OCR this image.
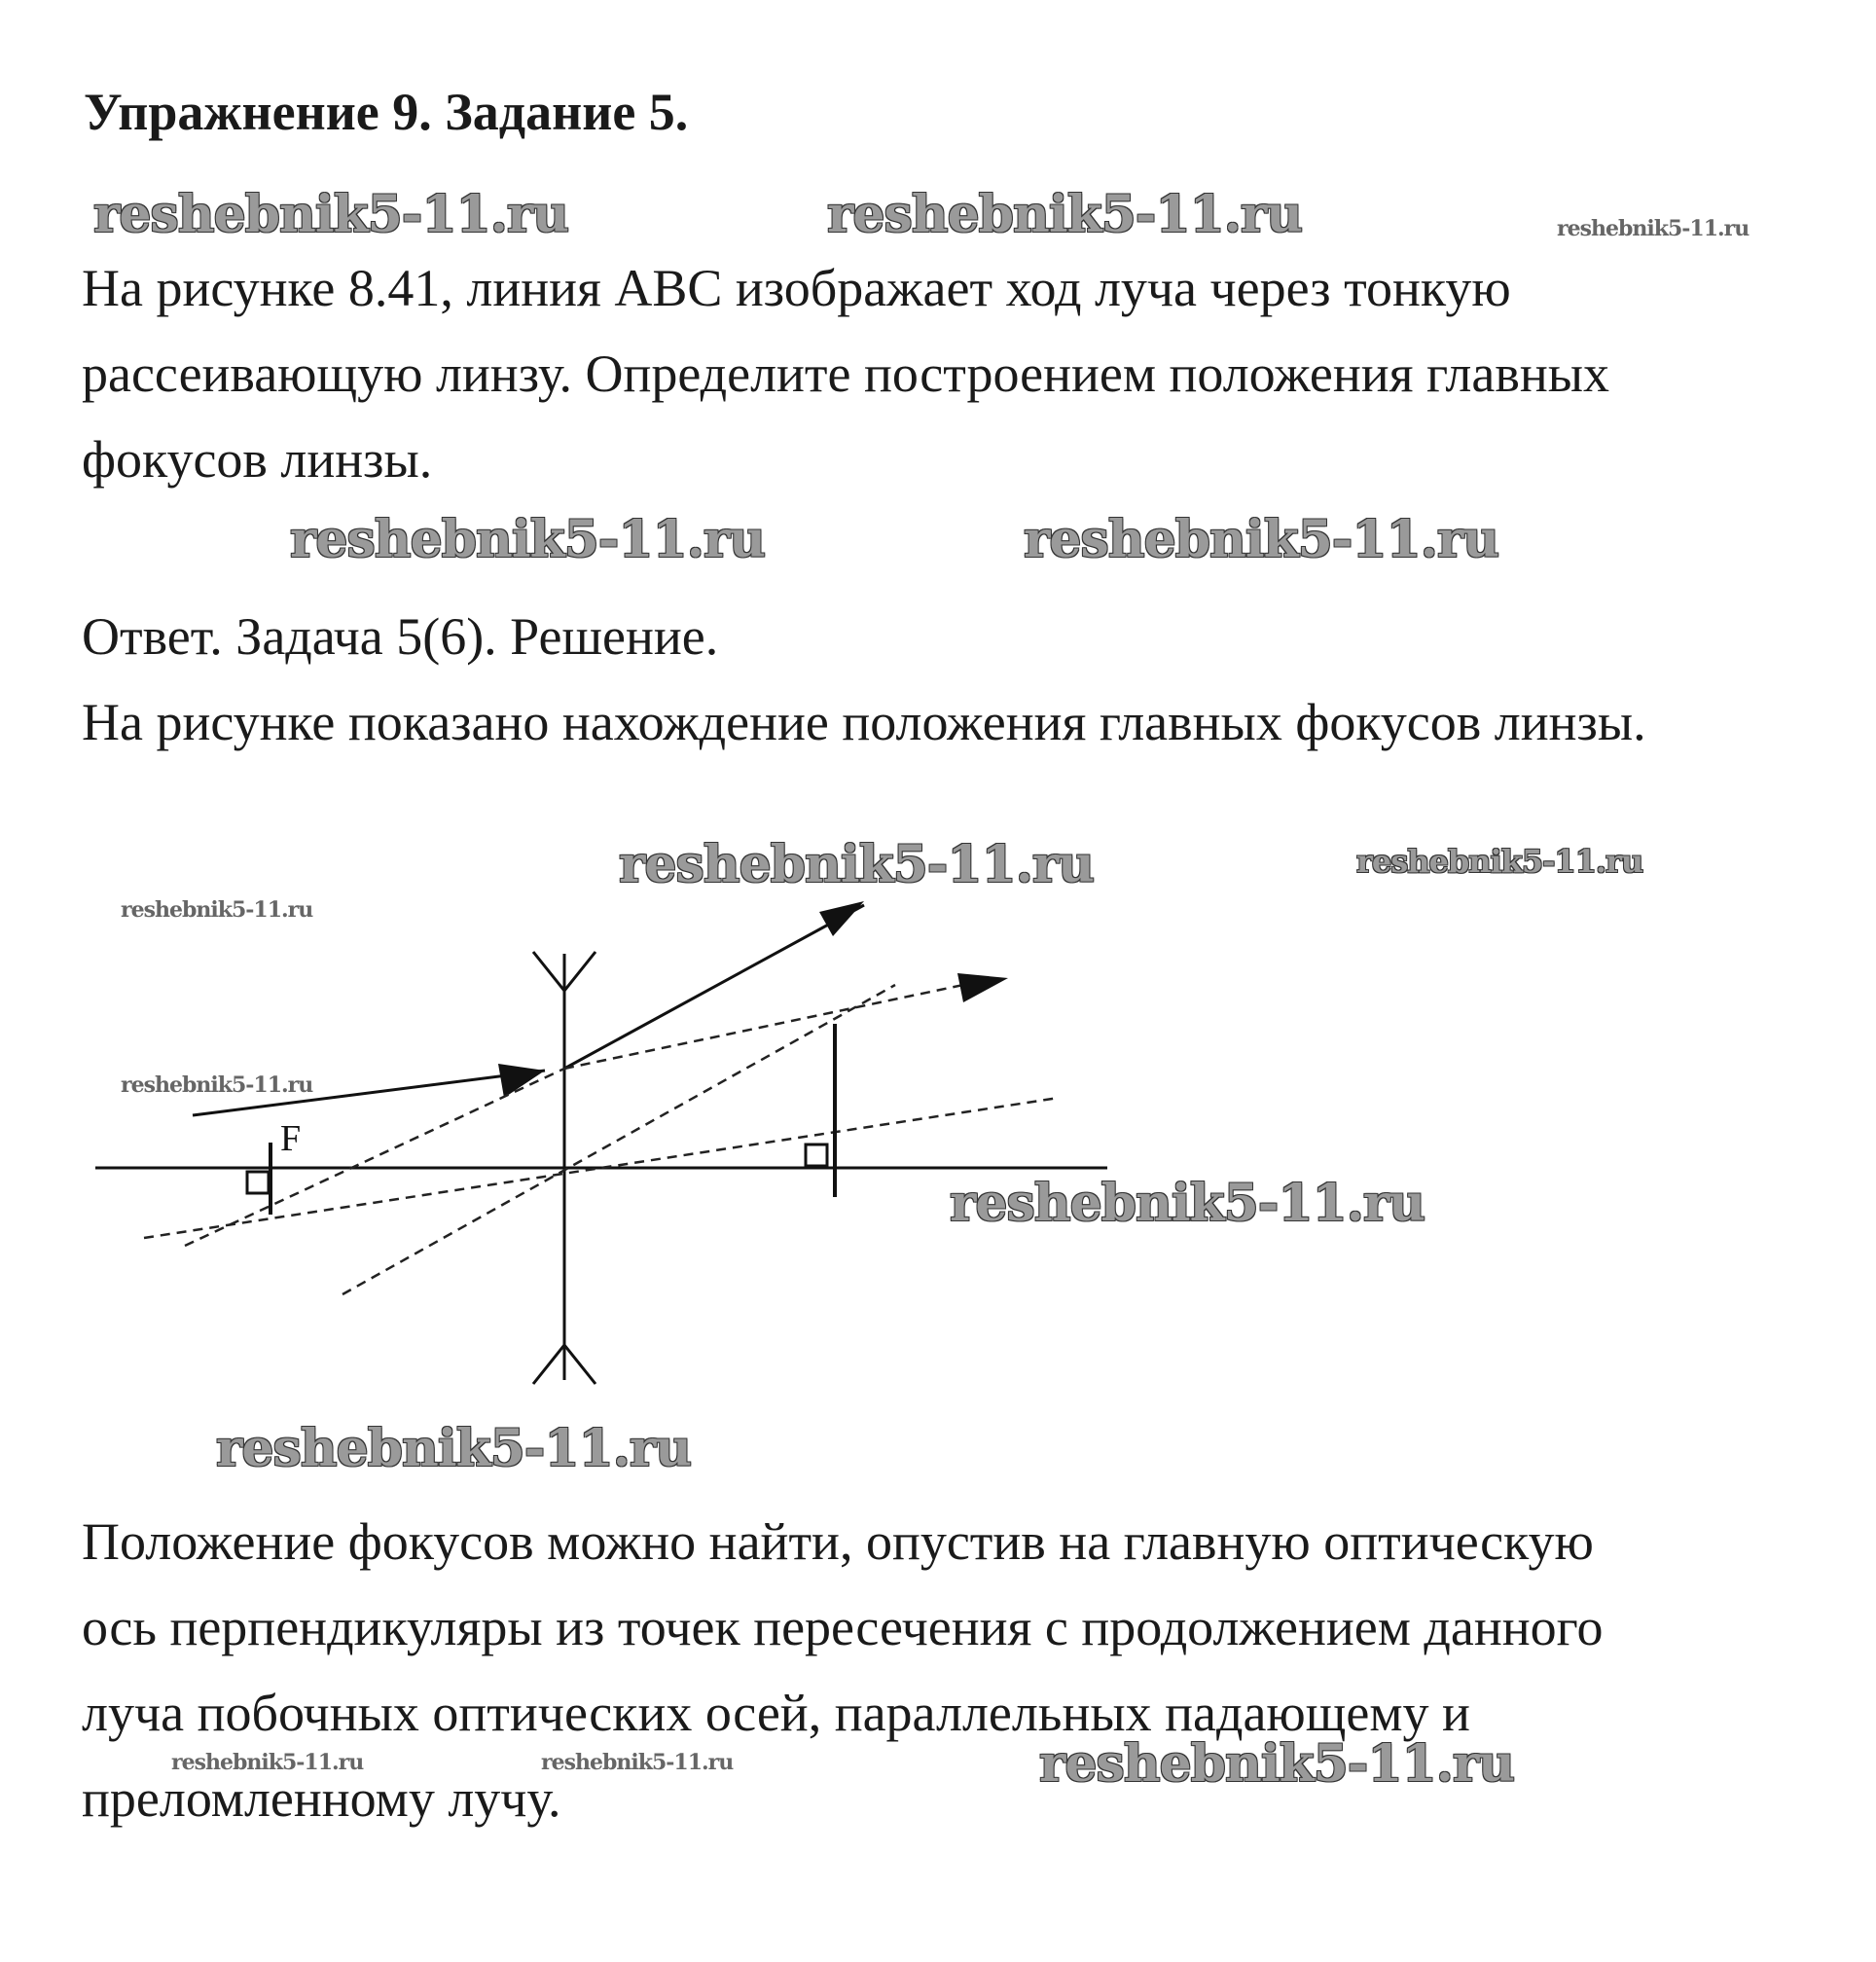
Упражнение 9. Задание 5.
reshebnik5-11.ru	reshebnik5-11.ru	reshebnik5-11.ru
На рисунке 8.41, линия ABC изображает ход луча через тонкую
рассеивающую линзу. Определите построением положения главных
фокусов линзы.
reshebnik5-11.ru	reshebnik5-11.ru
Ответ. Задача 5(6). Решение.
На рисунке показано нахождение положения главных фокусов линзы.
F
reshebnik5-11.ru	reshebnik5-11.ru
reshebnik5-11.ru
reshebnik5-11.ru
reshebnik5-11.ru
reshebnik5-11.ru
Положение фокусов можно найти, опустив на главную оптическую
ось перпендикуляры из точек пересечения с продолжением данного
луча побочных оптических осей, параллельных падающему и
преломленному лучу.
reshebnik5-11.ru	reshebnik5-11.ru	reshebnik5-11.ru
